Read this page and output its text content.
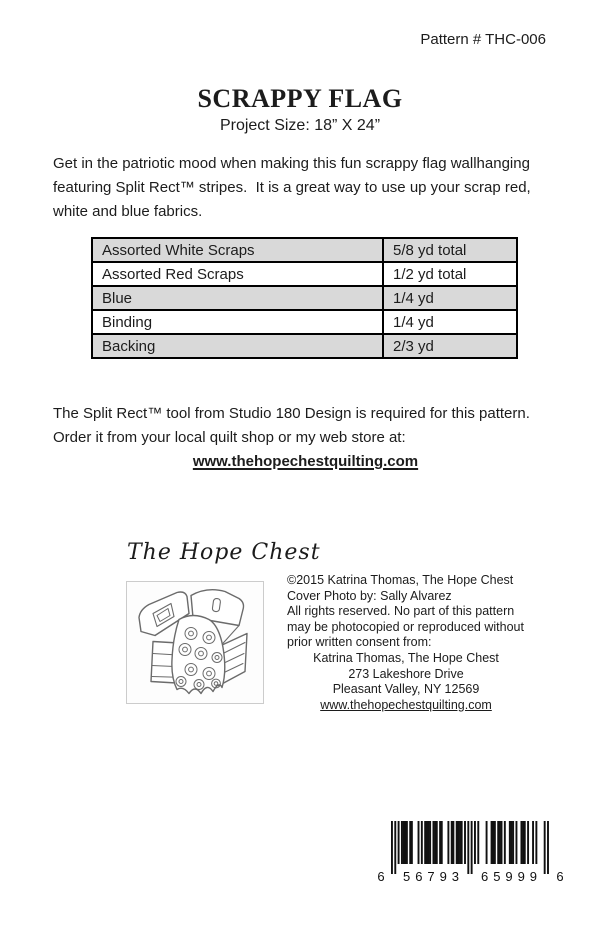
Pattern # THC-006
SCRAPPY FLAG
Project Size: 18” X 24”
Get in the patriotic mood when making this fun scrappy flag wallhanging featuring Split Rect™ stripes.  It is a great way to use up your scrap red, white and blue fabrics.
Assorted White Scraps	5/8 yd total
Assorted Red Scraps	1/2 yd total
Blue	1/4 yd
Binding	1/4 yd
Backing	2/3 yd
The Split Rect™ tool from Studio 180 Design is required for this pattern.
Order it from your local quilt shop or my web store at:
www.thehopechestquilting.com
The Hope Chest
©2015 Katrina Thomas, The Hope Chest
Cover Photo by: Sally Alvarez
All rights reserved. No part of this pattern
may be photocopied or reproduced without
prior written consent from:
Katrina Thomas, The Hope Chest
273 Lakeshore Drive
Pleasant Valley, NY 12569
www.thehopechestquilting.com
6 56793 65999 6
